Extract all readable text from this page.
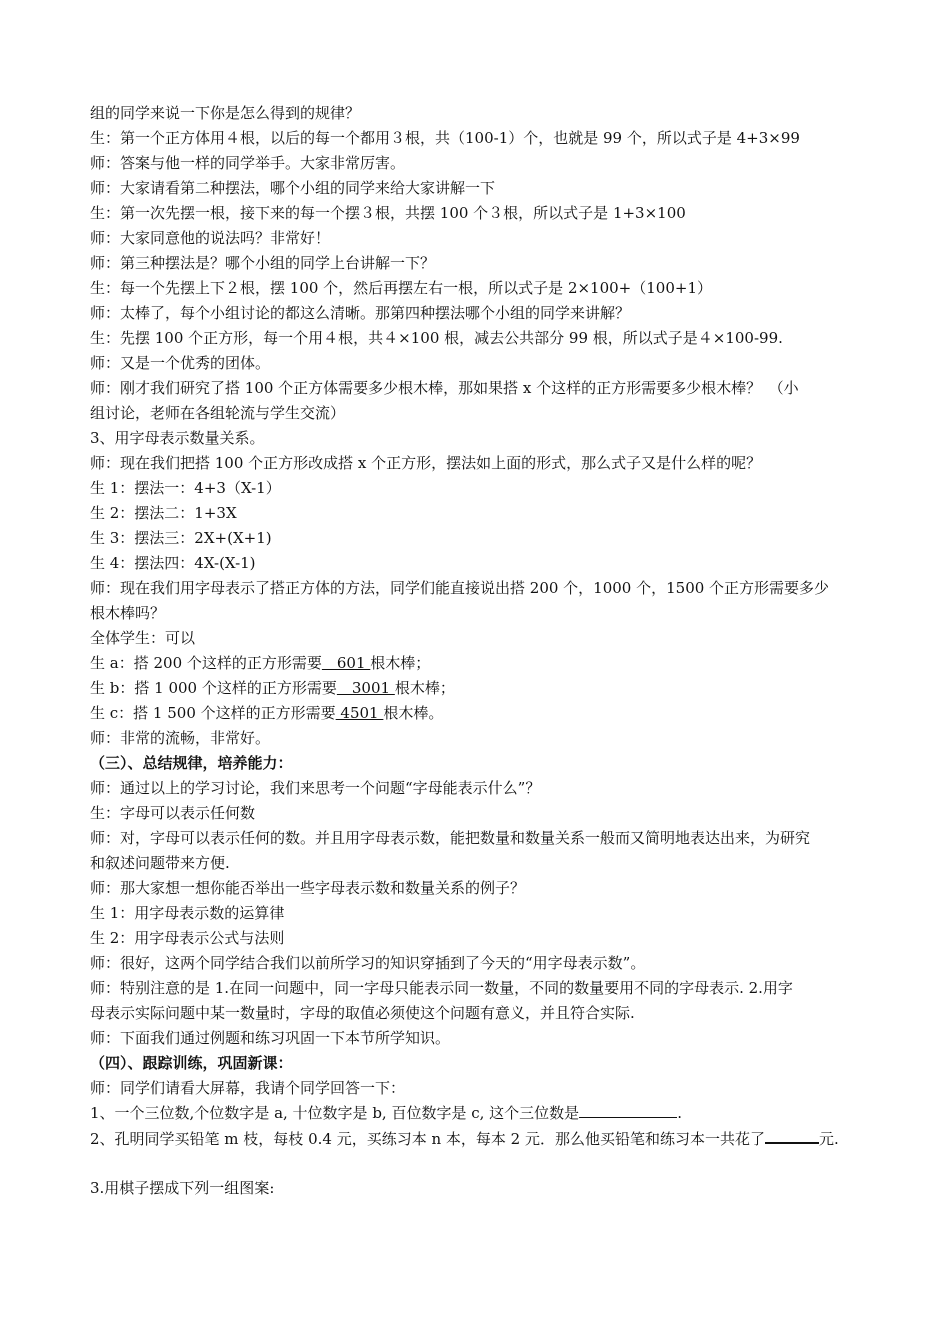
组的同学来说一下你是怎么得到的规律？
生：第一个正方体用４根，以后的每一个都用３根，共（100-1）个，也就是 99 个，所以式子是 4+3×99
师：答案与他一样的同学举手。大家非常厉害。
师：大家请看第二种摆法，哪个小组的同学来给大家讲解一下
生：第一次先摆一根，接下来的每一个摆３根，共摆 100 个３根，所以式子是 1+3×100
师：大家同意他的说法吗？非常好！
师：第三种摆法是？哪个小组的同学上台讲解一下？
生：每一个先摆上下２根，摆 100 个，然后再摆左右一根，所以式子是 2×100+（100+1）
师：太棒了，每个小组讨论的都这么清晰。那第四种摆法哪个小组的同学来讲解？
生：先摆 100 个正方形，每一个用４根，共４×100 根，减去公共部分 99 根，所以式子是４×100-99.
师：又是一个优秀的团体。
师：刚才我们研究了搭 100 个正方体需要多少根木棒，那如果搭 x 个这样的正方形需要多少根木棒？　（小
组讨论，老师在各组轮流与学生交流）
3、用字母表示数量关系。
师：现在我们把搭 100 个正方形改成搭 x 个正方形，摆法如上面的形式，那么式子又是什么样的呢？
生 1：摆法一：4+3（X-1）
生 2：摆法二：1+3X
生 3：摆法三：2X+(X+1)
生 4：摆法四：4X-(X-1)
师：现在我们用字母表示了搭正方体的方法，同学们能直接说出搭 200 个，1000 个，1500 个正方形需要多少
根木棒吗？
全体学生：可以
生 a：搭 200 个这样的正方形需要　601 根木棒；
生 b：搭 1 000 个这样的正方形需要　3001 根木棒；
生 c：搭 1 500 个这样的正方形需要 4501 根木棒。
师：非常的流畅，非常好。
（三）、总结规律，培养能力：
师：通过以上的学习讨论，我们来思考一个问题“字母能表示什么”？
生：字母可以表示任何数
师：对，字母可以表示任何的数。并且用字母表示数，能把数量和数量关系一般而又简明地表达出来，为研究
和叙述问题带来方便.
师：那大家想一想你能否举出一些字母表示数和数量关系的例子？
生 1：用字母表示数的运算律
生 2：用字母表示公式与法则
师：很好，这两个同学结合我们以前所学习的知识穿插到了今天的“用字母表示数”。
师：特别注意的是 1.在同一问题中，同一字母只能表示同一数量，不同的数量要用不同的字母表示. 2.用字
母表示实际问题中某一数量时，字母的取值必须使这个问题有意义，并且符合实际.
师：下面我们通过例题和练习巩固一下本节所学知识。
（四）、跟踪训练，巩固新课：
师：同学们请看大屏幕，我请个同学回答一下：
1、一个三位数,个位数字是 a, 十位数字是 b, 百位数字是 c, 这个三位数是	.
2、孔明同学买铅笔 m 枝，每枝 0.4 元，买练习本 n 本，每本 2 元．那么他买铅笔和练习本一共花了	元.
3.用棋子摆成下列一组图案:
